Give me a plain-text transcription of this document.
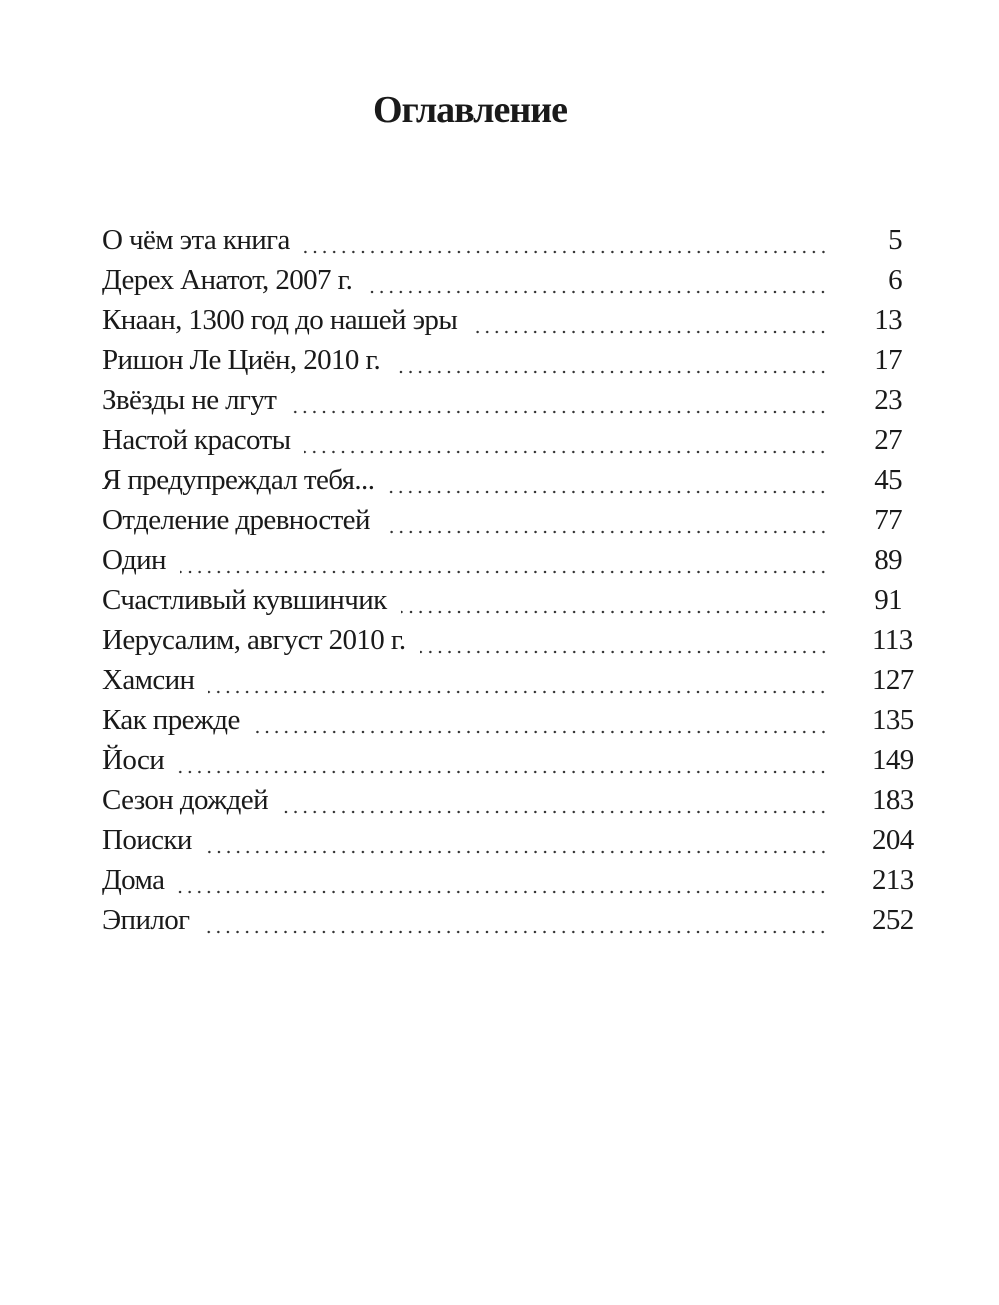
Оглавление
О чём эта книга	5
Дерех Анатот, 2007 г.	6
Кнаан, 1300 год до нашей эры	13
Ришон Ле Циён, 2010 г.	17
Звёзды не лгут	23
Настой красоты	27
Я предупреждал тебя...	45
Отделение древностей	77
Один	89
Счастливый кувшинчик	91
Иерусалим, август 2010 г.	113
Хамсин	127
Как прежде	135
Йоси	149
Сезон дождей	183
Поиски	204
Дома	213
Эпилог	252
